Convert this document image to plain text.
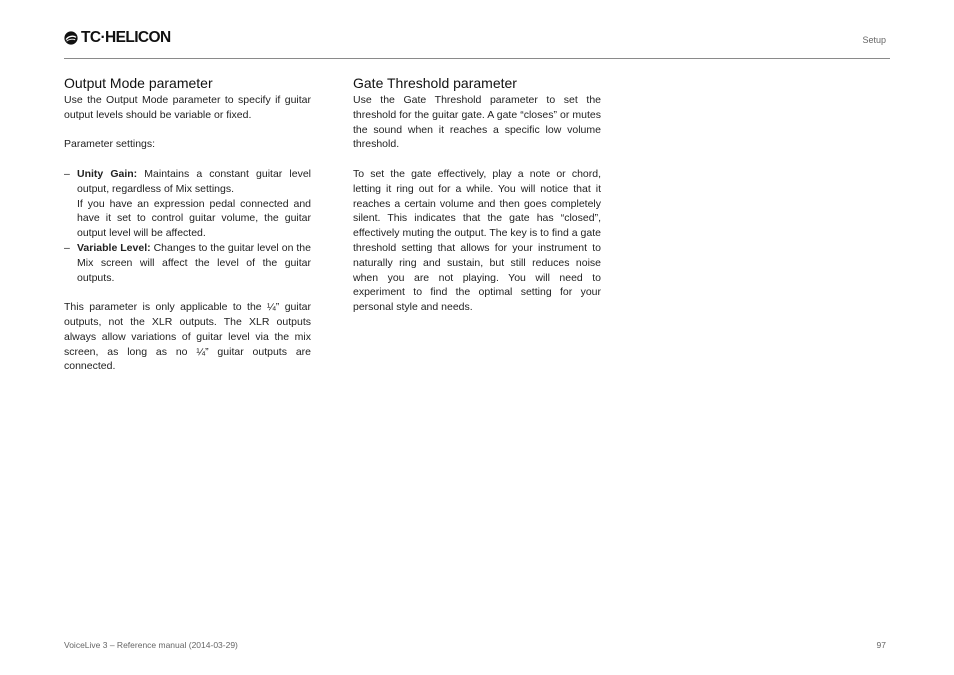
TC·HELICON	Setup
Output Mode parameter

Use the Output Mode parameter to specify if guitar output levels should be variable or fixed.

Parameter settings:

– Unity Gain: Maintains a constant guitar level output, regardless of Mix settings.

If you have an expression pedal connected and have it set to control guitar volume, the guitar output level will be affected.

– Variable Level: Changes to the guitar level on the Mix screen will affect the level of the guitar outputs.

This parameter is only applicable to the ¼” guitar outputs, not the XLR outputs. The XLR outputs always allow variations of guitar level via the mix screen, as long as no ¼” guitar outputs are connected.

Gate Threshold parameter

Use the Gate Threshold parameter to set the threshold for the guitar gate. A gate “closes” or mutes the sound when it reaches a specific low volume threshold.

To set the gate effectively, play a note or chord, letting it ring out for a while. You will notice that it reaches a certain volume and then goes completely silent. This indicates that the gate has “closed”, effectively muting the output. The key is to find a gate threshold setting that allows for your instrument to naturally ring and sustain, but still reduces noise when you are not playing. You will need to experiment to find the optimal setting for your personal style and needs.

VoiceLive 3 – Reference manual (2014-03-29)	97
